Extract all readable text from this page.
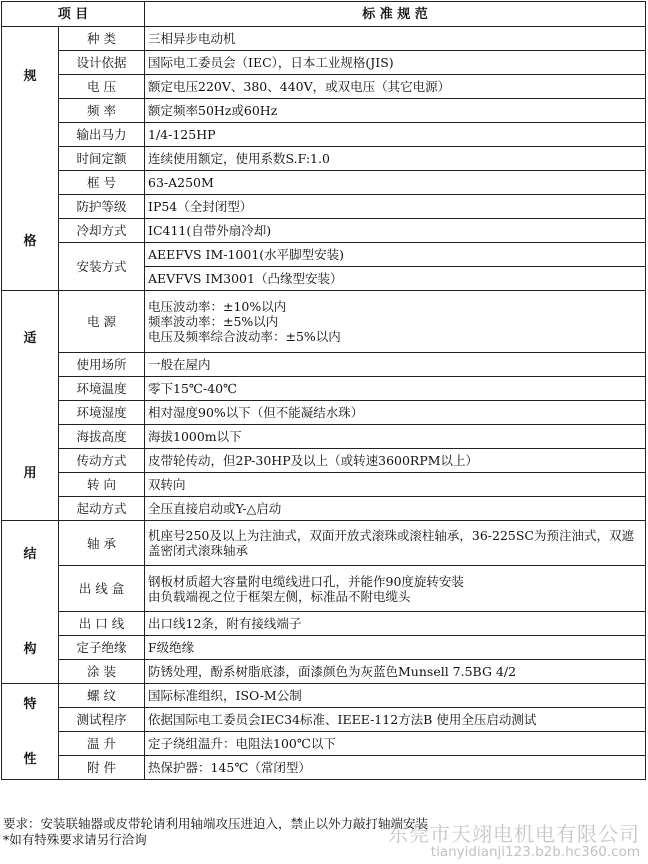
项 目		标 准 规 范

规
格	种 类	三相异步电动机
	设计依据	国际电工委员会（IEC），日本工业规格(JIS)
	电 压	额定电压220V、380、440V，或双电压（其它电源）
	频 率	额定频率50Hz或60Hz
	输出马力	1/4-125HP
	时间定额	连续使用额定，使用系数S.F:1.0
	框 号	63-A250M
	防护等级	IP54（全封闭型）
	冷却方式	IC411(自带外扇冷却)
	安装方式	AEEFVS IM-1001(水平脚型安装)
		AEVFVS IM3001（凸缘型安装）

适
用	电 源	电压波动率：±10%以内
频率波动率：±5%以内
电压及频率综合波动率：±5%以内

	使用场所	一般在屋内
	环境温度	零下15℃-40℃
	环境湿度	相对湿度90%以下（但不能凝结水珠）
	海拔高度	海拔1000m以下
	传动方式	皮带轮传动，但2P-30HP及以上（或转速3600RPM以上）
	转 向	双转向
	起动方式	全压直接启动或Y-△启动

结
构	轴 承	机座号250及以上为注油式，双面开放式滚珠或滚柱轴承，36-225SC为预注油式，双遮盖密闭式滚珠轴承
	出 线 盒	钢板材质超大容量附电缆线进口孔，并能作90度旋转安装
由负载端视之位于框架左侧，标准品不附电缆头

	出 口 线	出口线12条，附有接线端子
	定子绝缘	F级绝缘
	涂 装	防锈处理，酚系树脂底漆，面漆颜色为灰蓝色Munsell 7.5BG 4/2

特
性	螺 纹	国际标准组织，ISO-M公制
	测试程序	依据国际电工委员会IEC34标准、IEEE-112方法B 使用全压启动测试
	温 升	定子绕组温升：电阻法100℃以下
	附 件	热保护器：145℃（常闭型）
要求：安装联轴器或皮带轮请利用轴端攻压进迫入，禁止以外力敲打轴端安装
*如有特殊要求请另行洽询	东莞市天翊电机电有限公司
tianyidianji123.b2b.hc360.com
